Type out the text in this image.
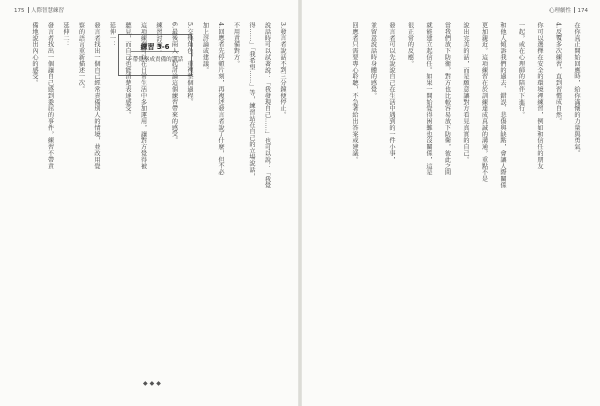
175 人際智慧練習
練習 3-6
不帶覺察成責備的講話	3.發言者說話不到三分鐘便停止。
說話時可以試著說：「我發現自己......」也可以說：「我覺
得......」「我希望......」等，練習站在自己的立場說話，
不用責備對方。
4.回應者先停頓片刻，再複述發言者說了什麼，但不必
加上評論或建議。
5.交換角色，重複整個過程。
6.最後兩人一起討論這個練習帶來的感受。
練習討論：
這項練習可以在日常生活中多加運用，讓對方覺得被
聽見，而自己也能清楚表達感受。
延伸一：
發言者找出一個自己經常責備別人的情境，並改用覺
察的語言重新描述一次。
延伸二：
發言者找出一個讓自己感到委屈的事件，練習不帶責
備地說出內心的感受。
◆◆◆
心理劇性 174
在你真正開始回應時，給你滿懷的力量與勇氣。
4.反覆多次練習，直到習慣成自然。
你可以選擇在安全的環境裡練習，例如和信任的朋友
一起，或在心理師的陪伴下進行。
和他人傾訴我們的過去、錯誤、悲傷與缺點，會讓人際關係
更加親近。這項練習在於訓練達成真誠的溝通，重點不是
說出完美的話，而是願意讓對方看見真實的自己。
當我們放下防衛，對方也比較容易放下防衛，彼此之間
就能建立起信任。如果一開始覺得困難也沒關係，這是
很正常的反應。
發言者可以先說說自己在生活中遇到的一件小事，
並留意說話時身體的感覺。
回應者只需要專心聆聽，不急著給出答案或建議。
